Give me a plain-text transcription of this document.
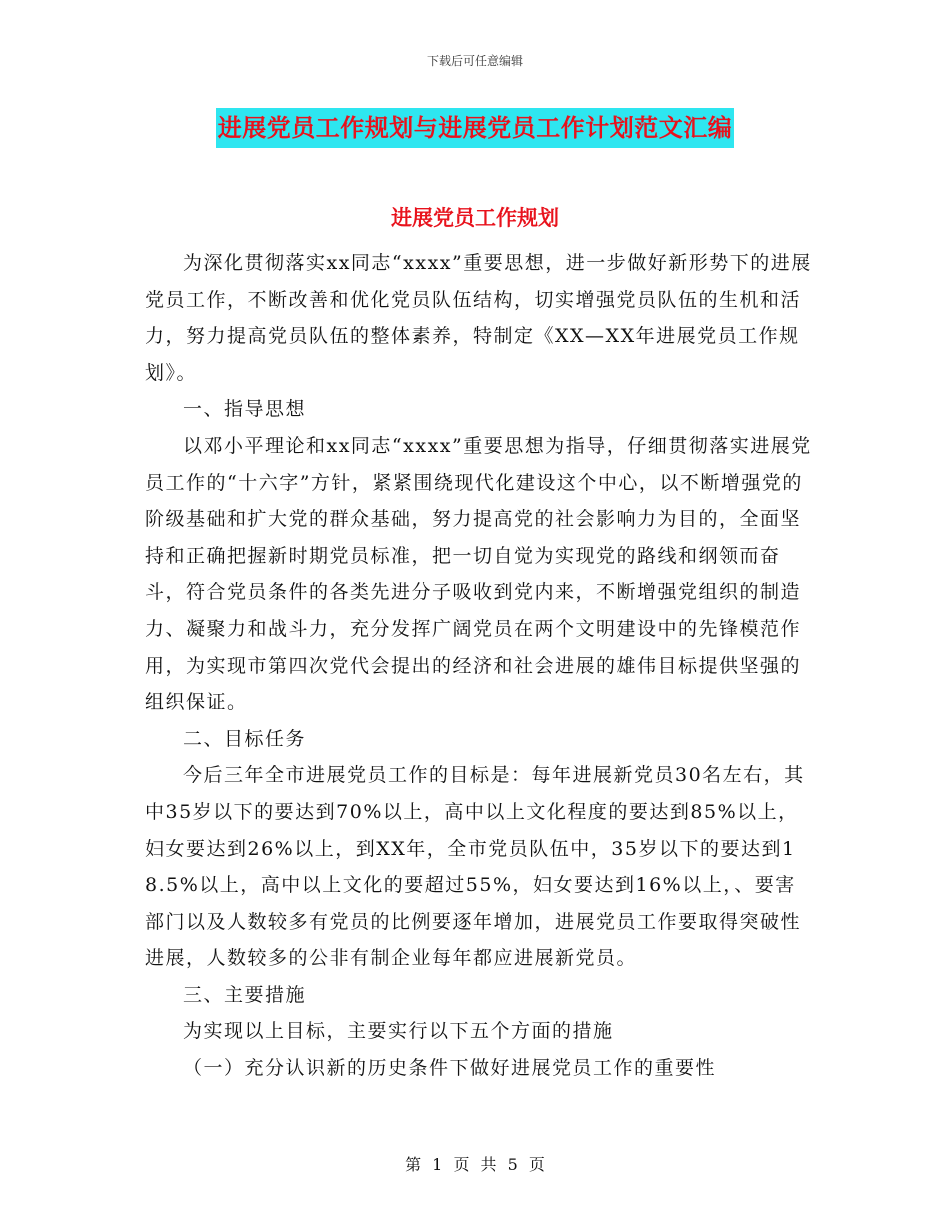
下载后可任意编辑
进展党员工作规划与进展党员工作计划范文汇编
进展党员工作规划

为深化贯彻落实xx同志“xxxx”重要思想，进一步做好新形势下的进展党员工作，不断改善和优化党员队伍结构，切实增强党员队伍的生机和活力，努力提高党员队伍的整体素养，特制定《XX—XX年进展党员工作规划》。

一、指导思想

以邓小平理论和xx同志“xxxx”重要思想为指导，仔细贯彻落实进展党员工作的“十六字”方针，紧紧围绕现代化建设这个中心，以不断增强党的阶级基础和扩大党的群众基础，努力提高党的社会影响力为目的，全面坚持和正确把握新时期党员标准，把一切自觉为实现党的路线和纲领而奋斗，符合党员条件的各类先进分子吸收到党内来，不断增强党组织的制造力、凝聚力和战斗力，充分发挥广阔党员在两个文明建设中的先锋模范作用，为实现市第四次党代会提出的经济和社会进展的雄伟目标提供坚强的组织保证。

二、目标任务

今后三年全市进展党员工作的目标是：每年进展新党员30名左右，其中35岁以下的要达到70%以上，高中以上文化程度的要达到85%以上，妇女要达到26%以上，到XX年，全市党员队伍中，35岁以下的要达到18.5%以上，高中以上文化的要超过55%，妇女要达到16%以上，、要害部门以及人数较多有党员的比例要逐年增加，进展党员工作要取得突破性进展，人数较多的公非有制企业每年都应进展新党员。

三、主要措施

为实现以上目标，主要实行以下五个方面的措施

（一）充分认识新的历史条件下做好进展党员工作的重要性

第 1 页 共 5 页
